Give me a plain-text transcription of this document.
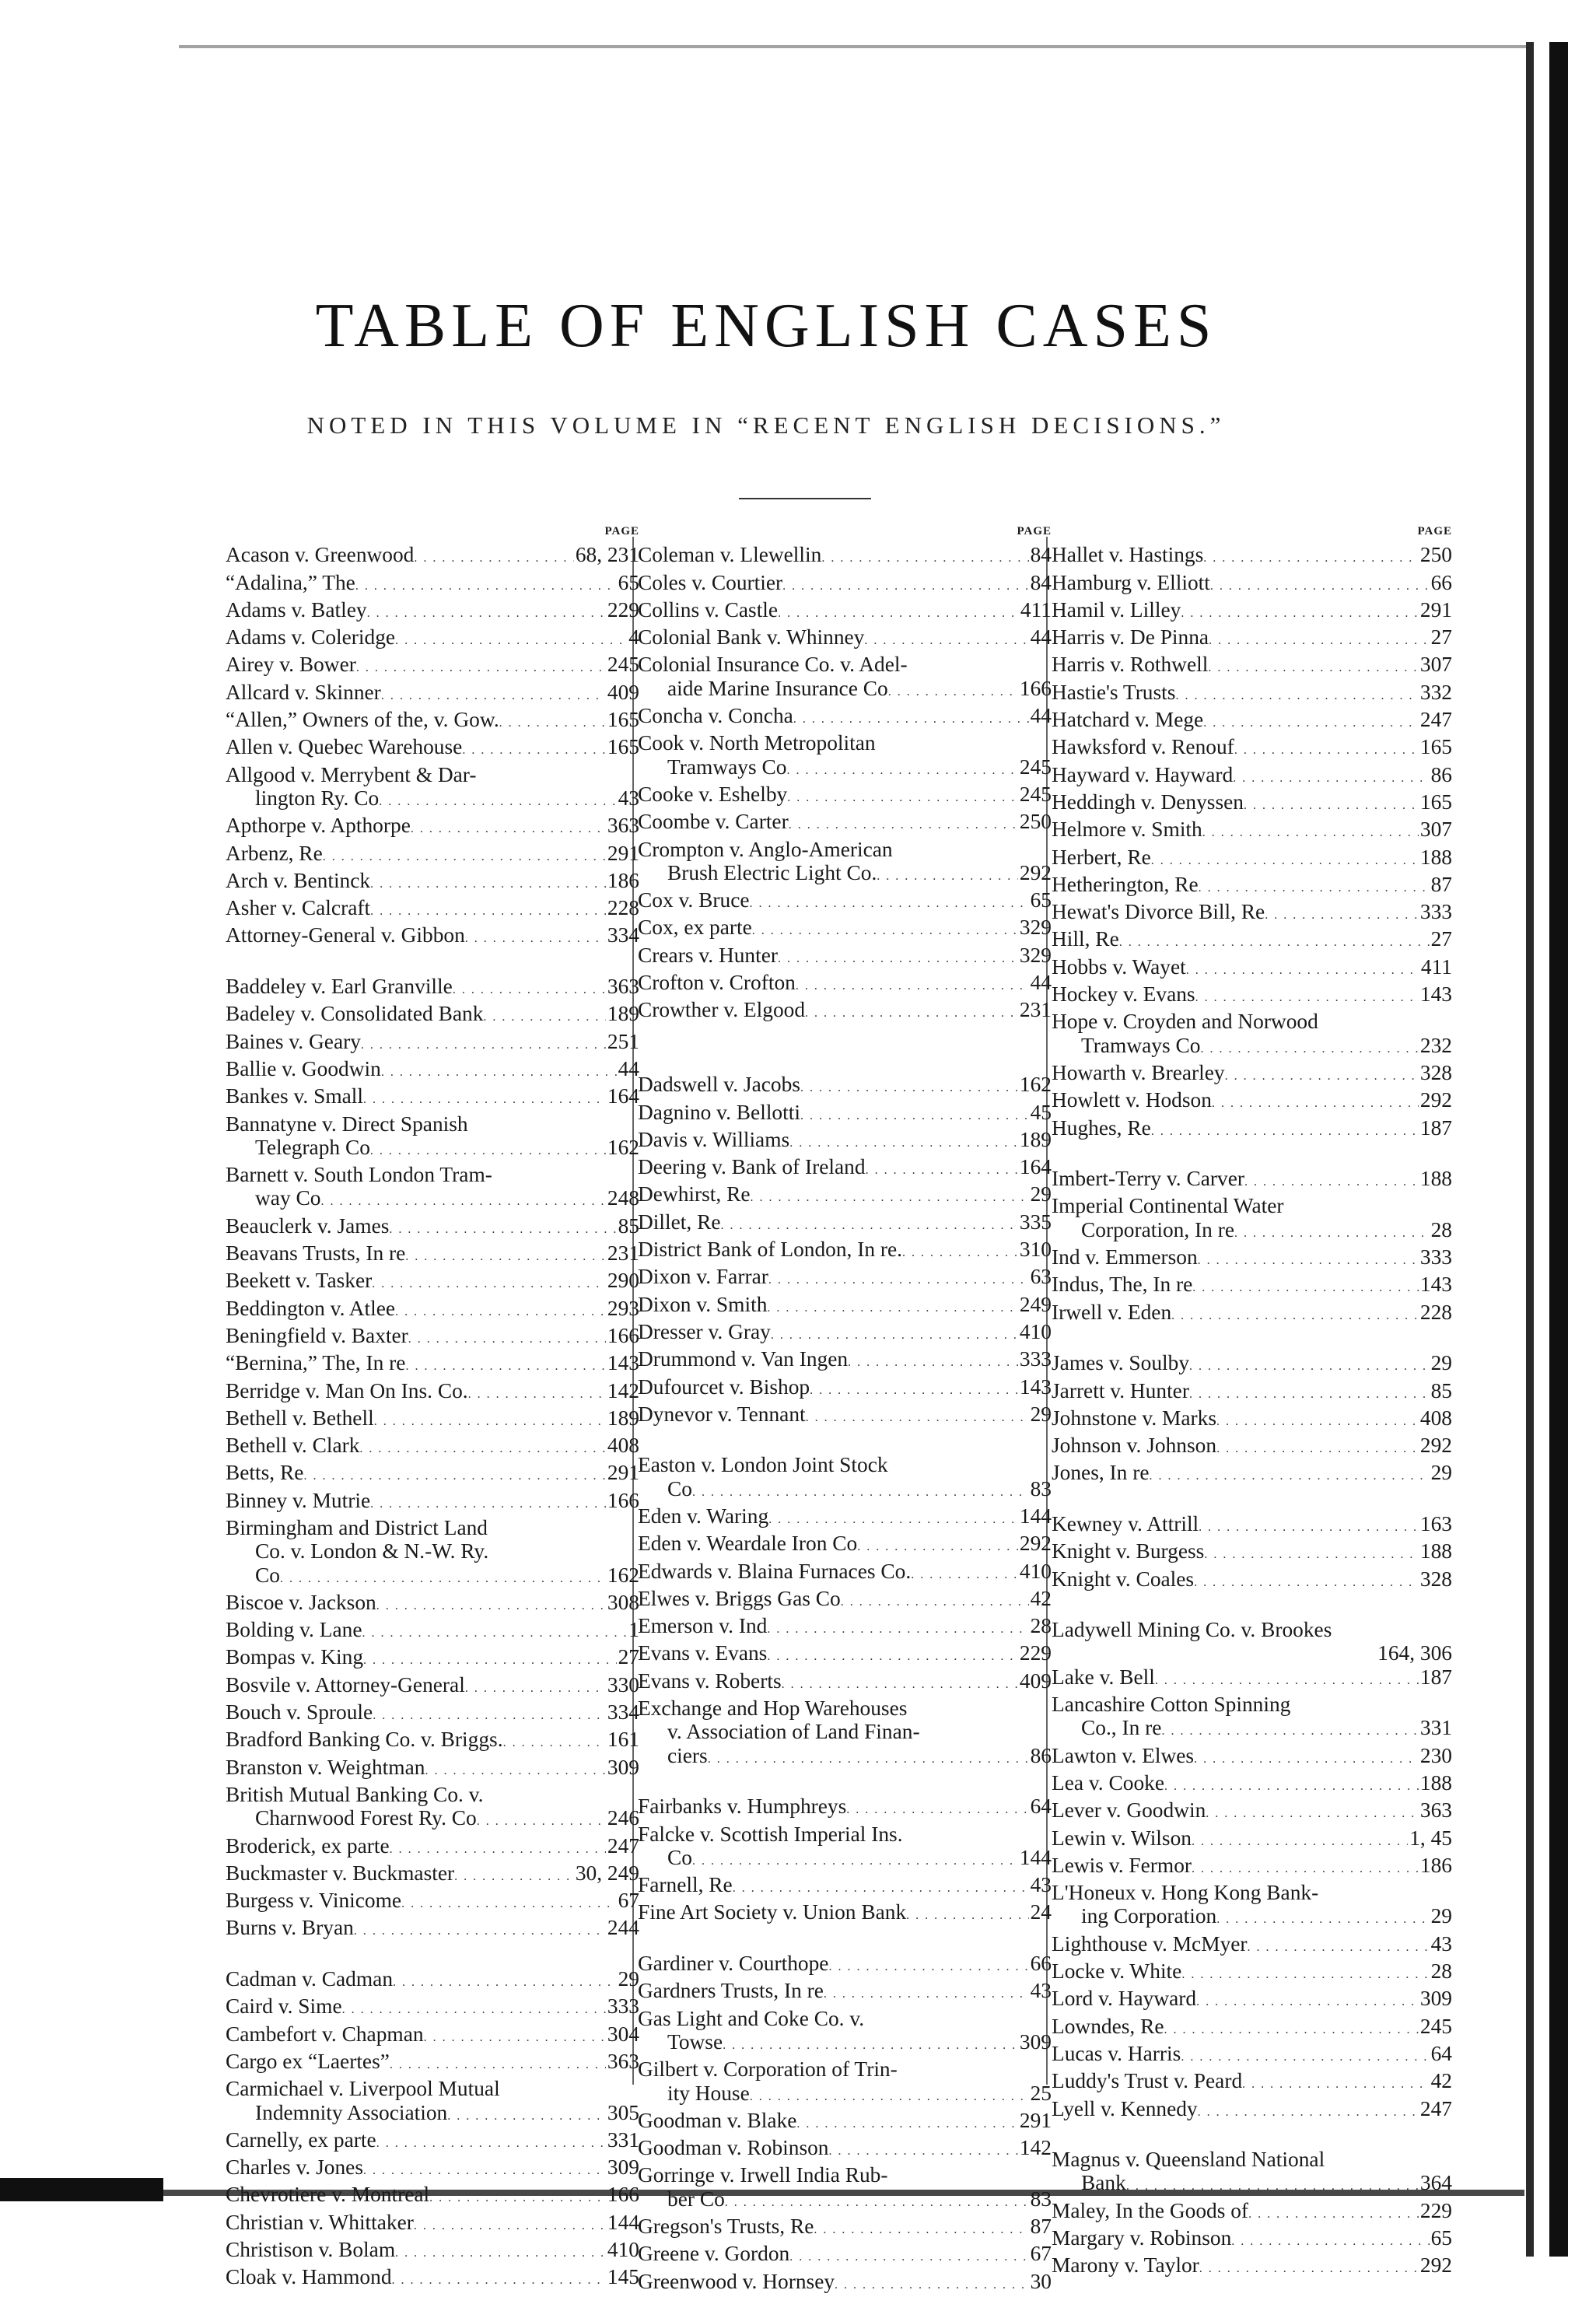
TABLE OF ENGLISH CASES
NOTED IN THIS VOLUME IN “RECENT ENGLISH DECISIONS.”
PAGE
Acason v. Greenwood . . .	68, 231
“Adalina,” The . . .	65
Adams v. Batley . . .	229
Adams v. Coleridge . . .	4
Airey v. Bower . . .	245
Allcard v. Skinner . . .	409
“Allen,” Owners of the, v. Gow. . . .	165
Allen v. Quebec Warehouse . . .	165
Allgood v. Merrybent & Dar-
lington Ry. Co . . .	43
Apthorpe v. Apthorpe . . .	363
Arbenz, Re . . .	291
Arch v. Bentinck . . .	186
Asher v. Calcraft . . .	228
Attorney-General v. Gibbon . . .	334
Baddeley v. Earl Granville . . .	363
Badeley v. Consolidated Bank . . .	189
Baines v. Geary . . .	251
Ballie v. Goodwin . . .	44
Bankes v. Small . . .	164
Bannatyne v. Direct Spanish
Telegraph Co . . .	162
Barnett v. South London Tram-
way Co . . .	248
Beauclerk v. James . . .	85
Beavans Trusts, In re . . .	231
Beekett v. Tasker . . .	290
Beddington v. Atlee . . .	293
Beningfield v. Baxter . . .	166
“Bernina,” The, In re . . .	143
Berridge v. Man On Ins. Co. . . .	142
Bethell v. Bethell . . .	189
Bethell v. Clark . . .	408
Betts, Re . . .	291
Binney v. Mutrie . . .	166
Birmingham and District Land
Co. v. London & N.-W. Ry.
Co . . .	162
Biscoe v. Jackson . . .	308
Bolding v. Lane . . .	1
Bompas v. King . . .	27
Bosvile v. Attorney-General . . .	330
Bouch v. Sproule . . .	334
Bradford Banking Co. v. Briggs. . . .	161
Branston v. Weightman . . .	309
British Mutual Banking Co. v.
Charnwood Forest Ry. Co . . .	246
Broderick, ex parte . . .	247
Buckmaster v. Buckmaster . . .	30, 249
Burgess v. Vinicome . . .	67
Burns v. Bryan . . .	244
Cadman v. Cadman . . .	29
Caird v. Sime . . .	333
Cambefort v. Chapman . . .	304
Cargo ex “Laertes” . . .	363
Carmichael v. Liverpool Mutual
Indemnity Association . . .	305
Carnelly, ex parte . . .	331
Charles v. Jones . . .	309
Chevrotiere v. Montreal . . .	166
Christian v. Whittaker . . .	144
Christison v. Bolam . . .	410
Cloak v. Hammond . . .	145
PAGE
Coleman v. Llewellin . . .	84
Coles v. Courtier . . .	84
Collins v. Castle . . .	411
Colonial Bank v. Whinney . . .	44
Colonial Insurance Co. v. Adel-
aide Marine Insurance Co . . .	166
Concha v. Concha . . .	44
Cook v. North Metropolitan
Tramways Co . . .	245
Cooke v. Eshelby . . .	245
Coombe v. Carter . . .	250
Crompton v. Anglo-American
Brush Electric Light Co. . . .	292
Cox v. Bruce . . .	65
Cox, ex parte . . .	329
Crears v. Hunter . . .	329
Crofton v. Crofton . . .	44
Crowther v. Elgood . . .	231
Dadswell v. Jacobs . . .	162
Dagnino v. Bellotti . . .	45
Davis v. Williams . . .	189
Deering v. Bank of Ireland . . .	164
Dewhirst, Re . . .	29
Dillet, Re . . .	335
District Bank of London, In re. . . .	310
Dixon v. Farrar . . .	63
Dixon v. Smith . . .	249
Dresser v. Gray . . .	410
Drummond v. Van Ingen . . .	333
Dufourcet v. Bishop . . .	143
Dynevor v. Tennant . . .	29
Easton v. London Joint Stock
Co . . .	83
Eden v. Waring . . .	144
Eden v. Weardale Iron Co . . .	292
Edwards v. Blaina Furnaces Co. . . .	410
Elwes v. Briggs Gas Co . . .	42
Emerson v. Ind . . .	28
Evans v. Evans . . .	229
Evans v. Roberts . . .	409
Exchange and Hop Warehouses
v. Association of Land Finan-
ciers . . .	86
Fairbanks v. Humphreys . . .	64
Falcke v. Scottish Imperial Ins.
Co . . .	144
Farnell, Re . . .	43
Fine Art Society v. Union Bank . . .	24
Gardiner v. Courthope . . .	66
Gardners Trusts, In re . . .	43
Gas Light and Coke Co. v.
Towse . . .	309
Gilbert v. Corporation of Trin-
ity House . . .	25
Goodman v. Blake . . .	291
Goodman v. Robinson . . .	142
Gorringe v. Irwell India Rub-
ber Co . . .	83
Gregson's Trusts, Re . . .	87
Greene v. Gordon . . .	67
Greenwood v. Hornsey . . .	30
PAGE
Hallet v. Hastings . . .	250
Hamburg v. Elliott . . .	66
Hamil v. Lilley . . .	291
Harris v. De Pinna . . .	27
Harris v. Rothwell . . .	307
Hastie's Trusts . . .	332
Hatchard v. Mege . . .	247
Hawksford v. Renouf . . .	165
Hayward v. Hayward . . .	86
Heddingh v. Denyssen . . .	165
Helmore v. Smith . . .	307
Herbert, Re . . .	188
Hetherington, Re . . .	87
Hewat's Divorce Bill, Re . . .	333
Hill, Re . . .	27
Hobbs v. Wayet . . .	411
Hockey v. Evans . . .	143
Hope v. Croyden and Norwood
Tramways Co . . .	232
Howarth v. Brearley . . .	328
Howlett v. Hodson . . .	292
Hughes, Re . . .	187
Imbert-Terry v. Carver . . .	188
Imperial Continental Water
Corporation, In re . . .	28
Ind v. Emmerson . . .	333
Indus, The, In re . . .	143
Irwell v. Eden . . .	228
James v. Soulby . . .	29
Jarrett v. Hunter . . .	85
Johnstone v. Marks . . .	408
Johnson v. Johnson . . .	292
Jones, In re . . .	29
Kewney v. Attrill . . .	163
Knight v. Burgess . . .	188
Knight v. Coales . . .	328
Ladywell Mining Co. v. Brookes
164, 306
Lake v. Bell . . .	187
Lancashire Cotton Spinning
Co., In re . . .	331
Lawton v. Elwes . . .	230
Lea v. Cooke . . .	188
Lever v. Goodwin . . .	363
Lewin v. Wilson . . .	1, 45
Lewis v. Fermor . . .	186
L'Honeux v. Hong Kong Bank-
ing Corporation . . .	29
Lighthouse v. McMyer . . .	43
Locke v. White . . .	28
Lord v. Hayward . . .	309
Lowndes, Re . . .	245
Lucas v. Harris . . .	64
Luddy's Trust v. Peard . . .	42
Lyell v. Kennedy . . .	247
Magnus v. Queensland National
Bank . . .	364
Maley, In the Goods of . . .	229
Margary v. Robinson . . .	65
Marony v. Taylor . . .	292
